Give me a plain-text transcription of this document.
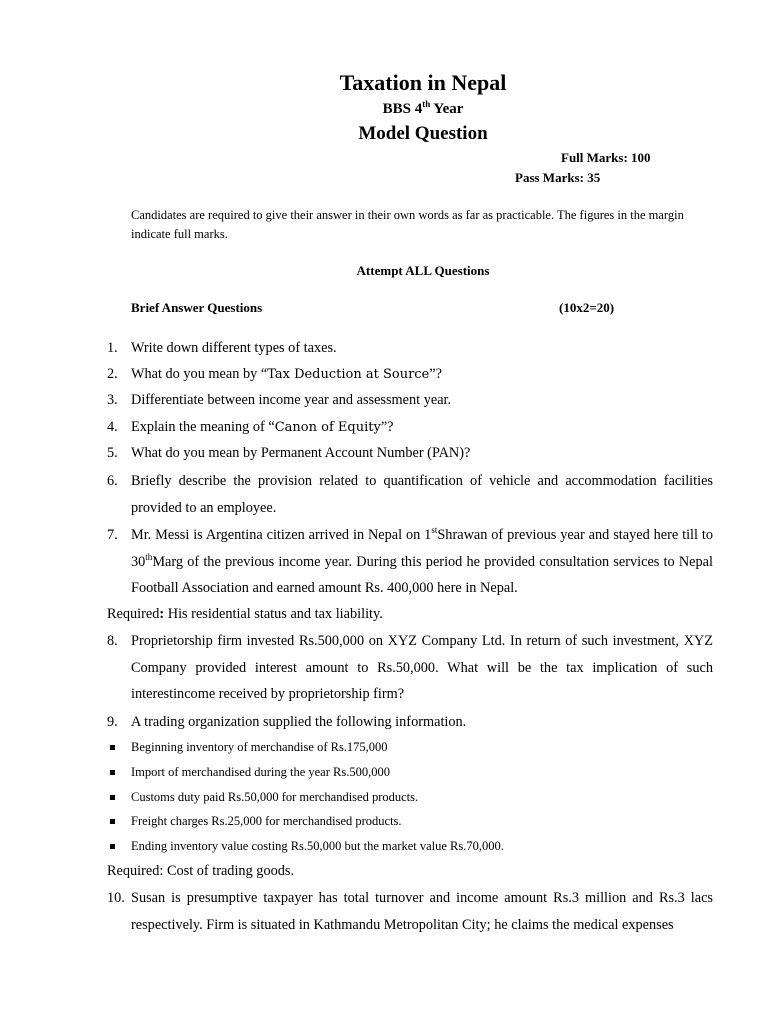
Taxation in Nepal
BBS 4th Year
Model Question
Full Marks: 100
Pass Marks: 35
Candidates are required to give their answer in their own words as far as practicable. The figures in the margin indicate full marks.
Attempt ALL Questions
Brief Answer Questions	(10x2=20)
1. Write down different types of taxes.
2. What do you mean by “Tax Deduction at Source”?
3. Differentiate between income year and assessment year.
4. Explain the meaning of “Canon of Equity”?
5. What do you mean by Permanent Account Number (PAN)?
6. Briefly describe the provision related to quantification of vehicle and accommodation facilities provided to an employee.
7. Mr. Messi is Argentina citizen arrived in Nepal on 1stShrawan of previous year and stayed here till to 30thMarg of the previous income year. During this period he provided consultation services to Nepal Football Association and earned amount Rs. 400,000 here in Nepal.
Required: His residential status and tax liability.
8. Proprietorship firm invested Rs.500,000 on XYZ Company Ltd. In return of such investment, XYZ Company provided interest amount to Rs.50,000. What will be the tax implication of such interestincome received by proprietorship firm?
9. A trading organization supplied the following information.
Beginning inventory of merchandise of Rs.175,000
Import of merchandised during the year Rs.500,000
Customs duty paid Rs.50,000 for merchandised products.
Freight charges Rs.25,000 for merchandised products.
Ending inventory value costing Rs.50,000 but the market value Rs.70,000.
Required: Cost of trading goods.
10. Susan is presumptive taxpayer has total turnover and income amount Rs.3 million and Rs.3 lacs respectively. Firm is situated in Kathmandu Metropolitan City; he claims the medical expenses
